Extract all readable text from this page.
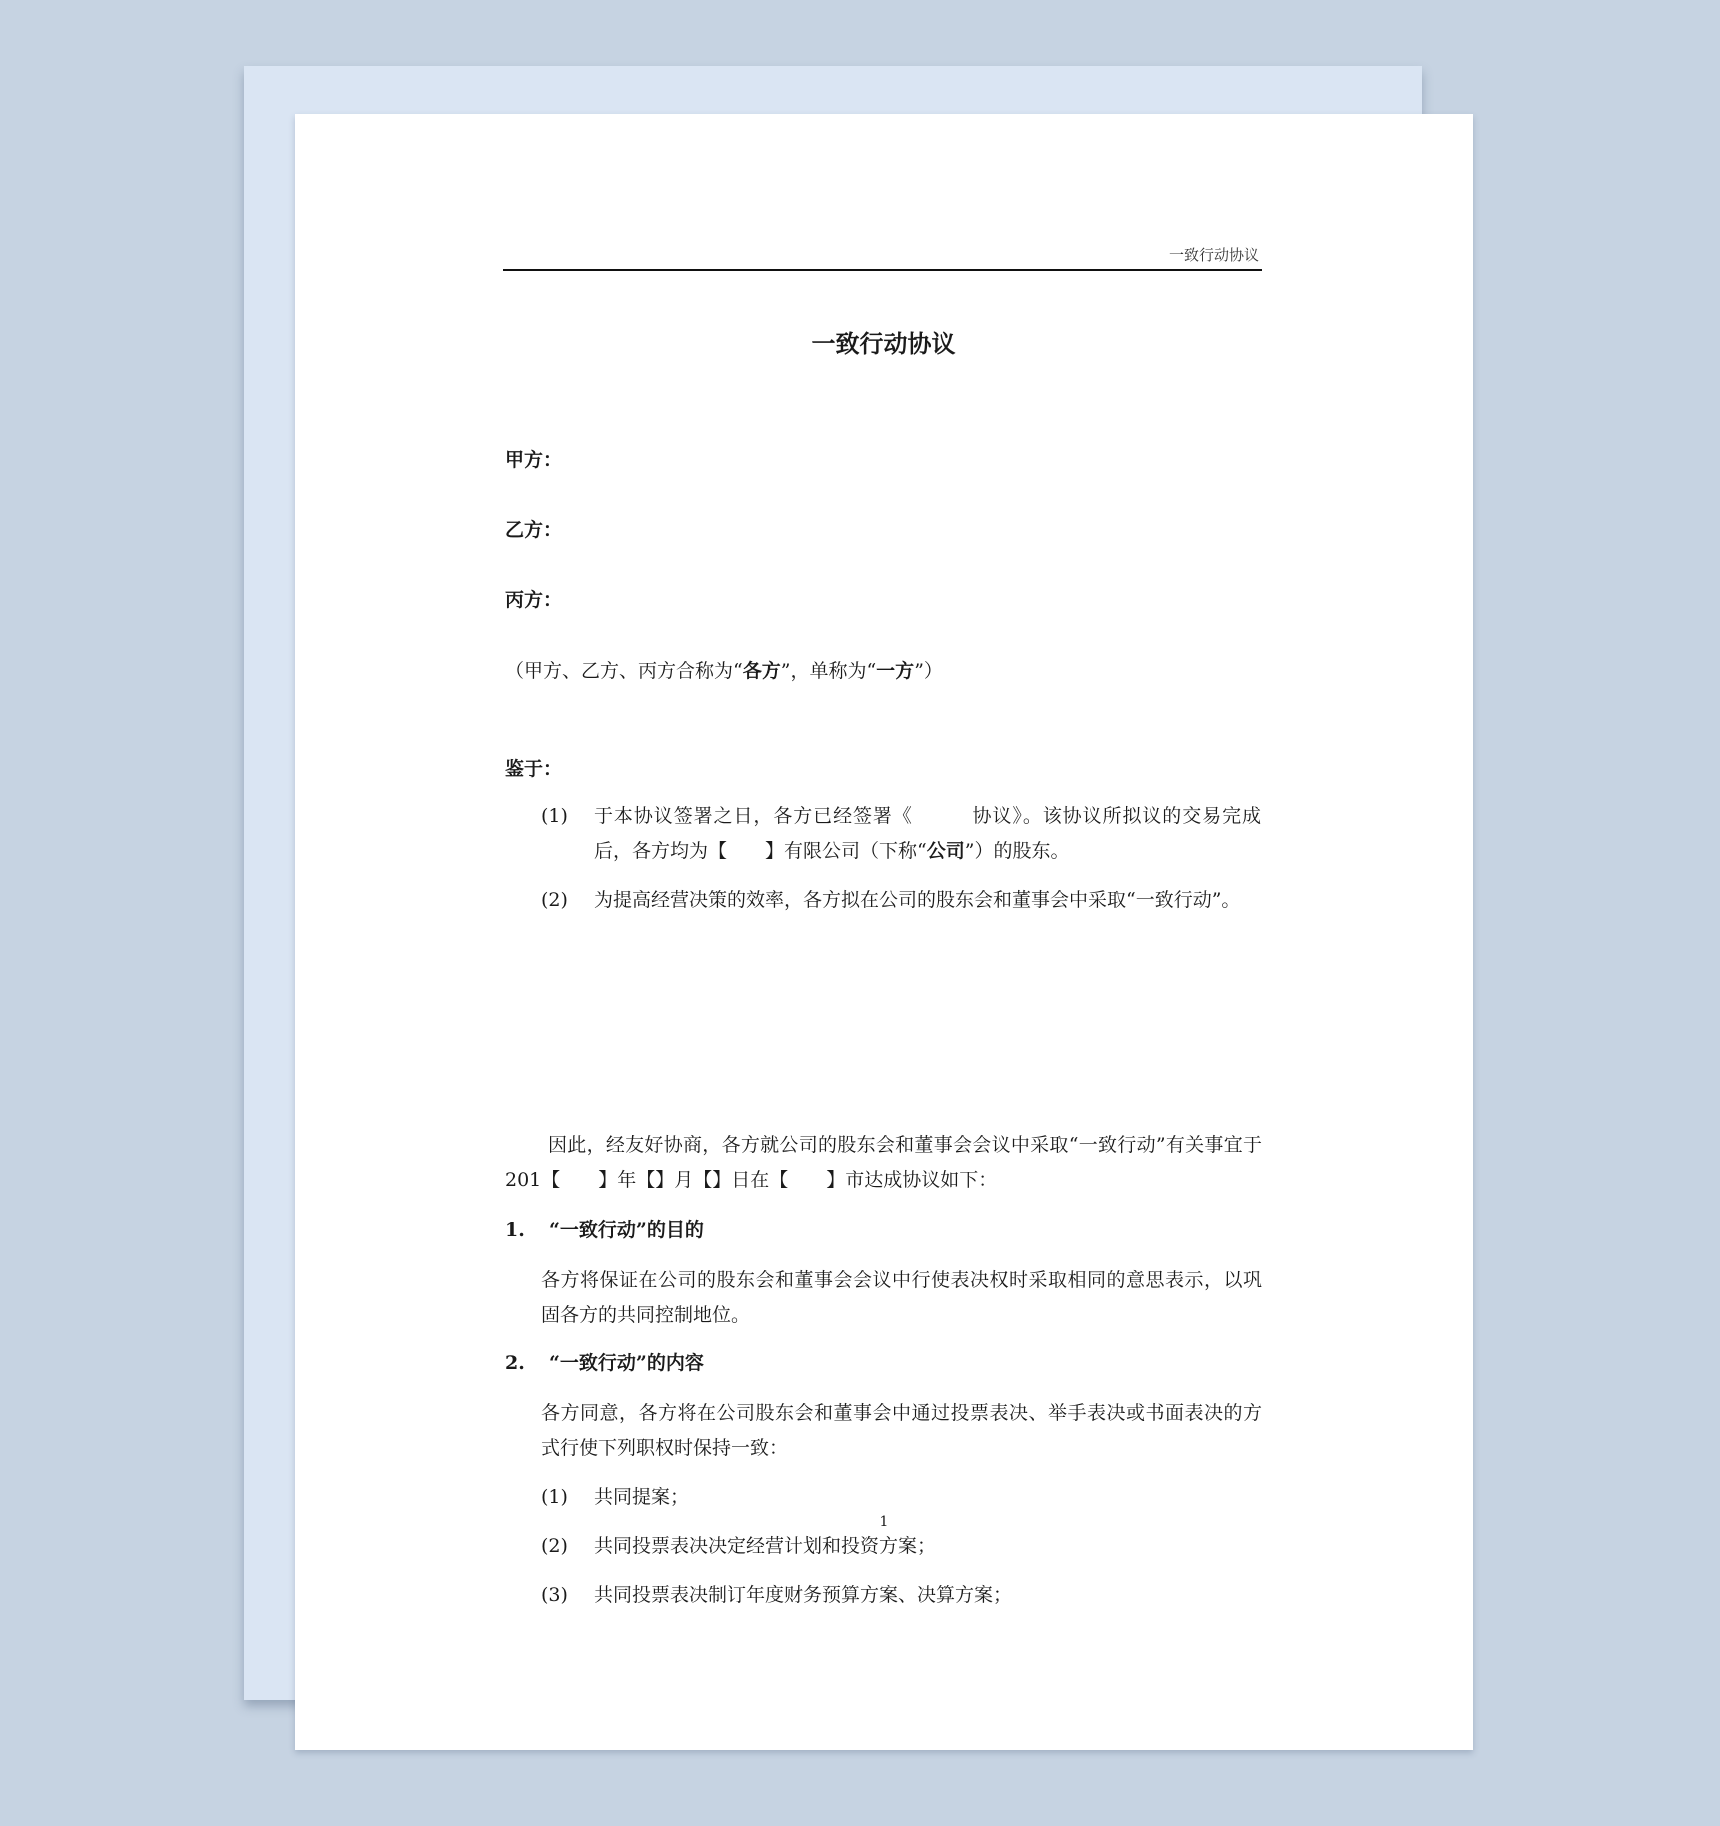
一致行动协议
一致行动协议
甲方：
乙方：
丙方：
（甲方、乙方、丙方合称为“各方”，单称为“一方”）
鉴于：
(1) 于本协议签署之日，各方已经签署《　　　协议》。该协议所拟议的交易完成后，各方均为【　　】有限公司（下称“公司”）的股东。
(2) 为提高经营决策的效率，各方拟在公司的股东会和董事会中采取“一致行动”。
因此，经友好协商，各方就公司的股东会和董事会会议中采取“一致行动”有关事宜于 201【　　】年【】月【】日在【　　】市达成协议如下：
1. “一致行动”的目的
各方将保证在公司的股东会和董事会会议中行使表决权时采取相同的意思表示，以巩固各方的共同控制地位。
2. “一致行动”的内容
各方同意，各方将在公司股东会和董事会中通过投票表决、举手表决或书面表决的方式行使下列职权时保持一致：
(1) 共同提案；
(2) 共同投票表决决定经营计划和投资方案；
(3) 共同投票表决制订年度财务预算方案、决算方案；
1
